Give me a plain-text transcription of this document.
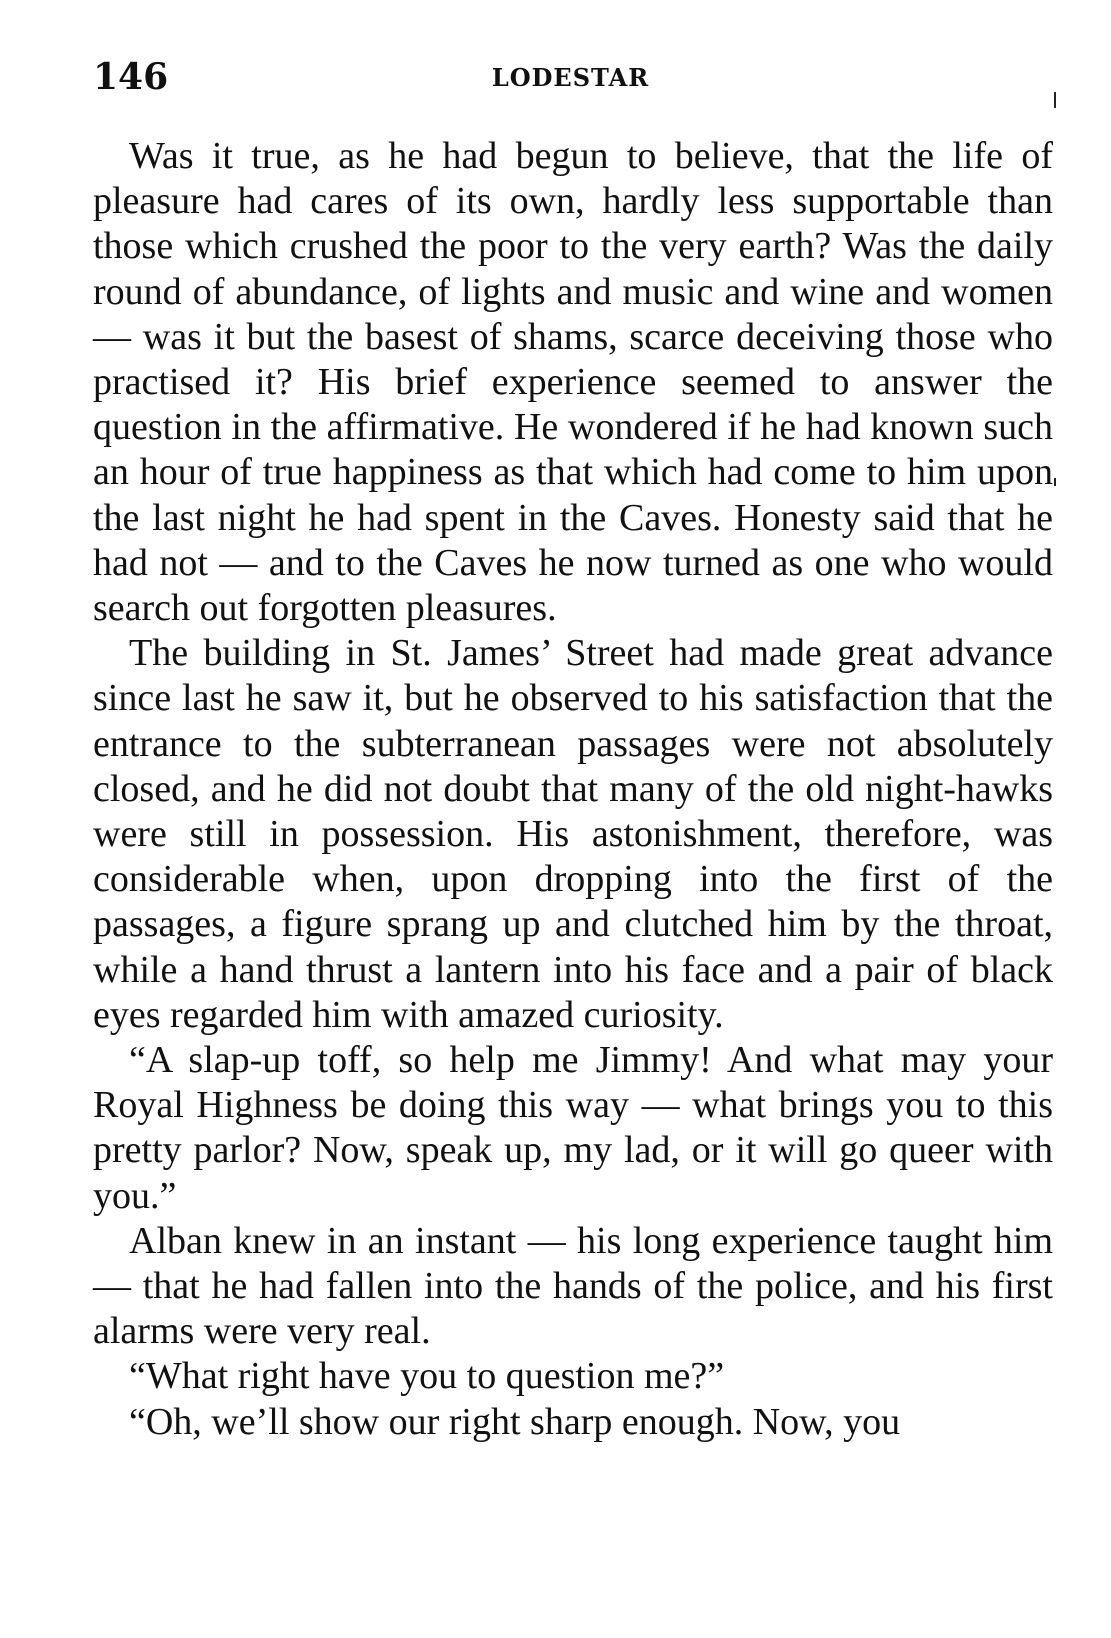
146	LODESTAR

Was it true, as he had begun to believe, that the life of pleasure had cares of its own, hardly less supportable than those which crushed the poor to the very earth? Was the daily round of abundance, of lights and music and wine and women — was it but the basest of shams, scarce deceiving those who practised it? His brief experience seemed to answer the question in the affirmative. He wondered if he had known such an hour of true happiness as that which had come to him upon the last night he had spent in the Caves. Honesty said that he had not — and to the Caves he now turned as one who would search out forgotten pleasures.

The building in St. James’ Street had made great advance since last he saw it, but he observed to his satisfaction that the entrance to the subterranean passages were not absolutely closed, and he did not doubt that many of the old night-hawks were still in possession. His astonishment, therefore, was considerable when, upon dropping into the first of the passages, a figure sprang up and clutched him by the throat, while a hand thrust a lantern into his face and a pair of black eyes regarded him with amazed curiosity.

“A slap-up toff, so help me Jimmy! And what may your Royal Highness be doing this way — what brings you to this pretty parlor? Now, speak up, my lad, or it will go queer with you.”

Alban knew in an instant — his long experience taught him — that he had fallen into the hands of the police, and his first alarms were very real.

“What right have you to question me?”

“Oh, we’ll show our right sharp enough. Now, you
